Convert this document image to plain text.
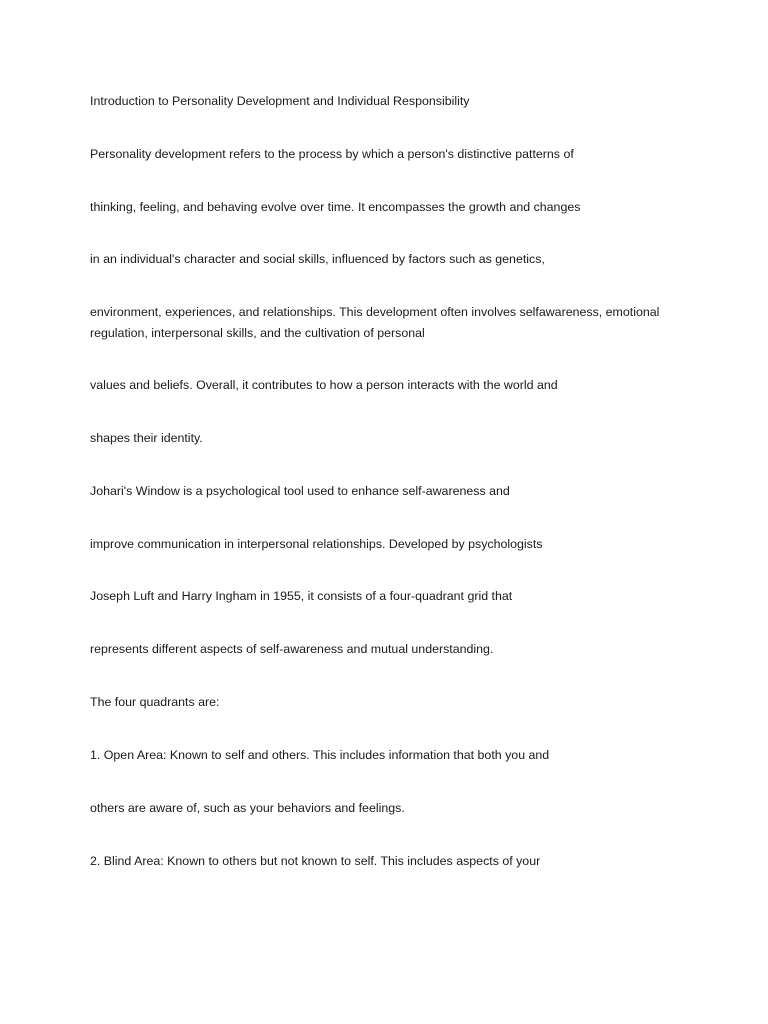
Introduction to Personality Development and Individual Responsibility

Personality development refers to the process by which a person's distinctive patterns of

thinking, feeling, and behaving evolve over time. It encompasses the growth and changes

in an individual's character and social skills, influenced by factors such as genetics,

environment, experiences, and relationships. This development often involves selfawareness, emotional regulation, interpersonal skills, and the cultivation of personal

values and beliefs. Overall, it contributes to how a person interacts with the world and

shapes their identity.

Johari's Window is a psychological tool used to enhance self-awareness and

improve communication in interpersonal relationships. Developed by psychologists

Joseph Luft and Harry Ingham in 1955, it consists of a four-quadrant grid that

represents different aspects of self-awareness and mutual understanding.

The four quadrants are:

1. Open Area: Known to self and others. This includes information that both you and

others are aware of, such as your behaviors and feelings.

2. Blind Area: Known to others but not known to self. This includes aspects of your
